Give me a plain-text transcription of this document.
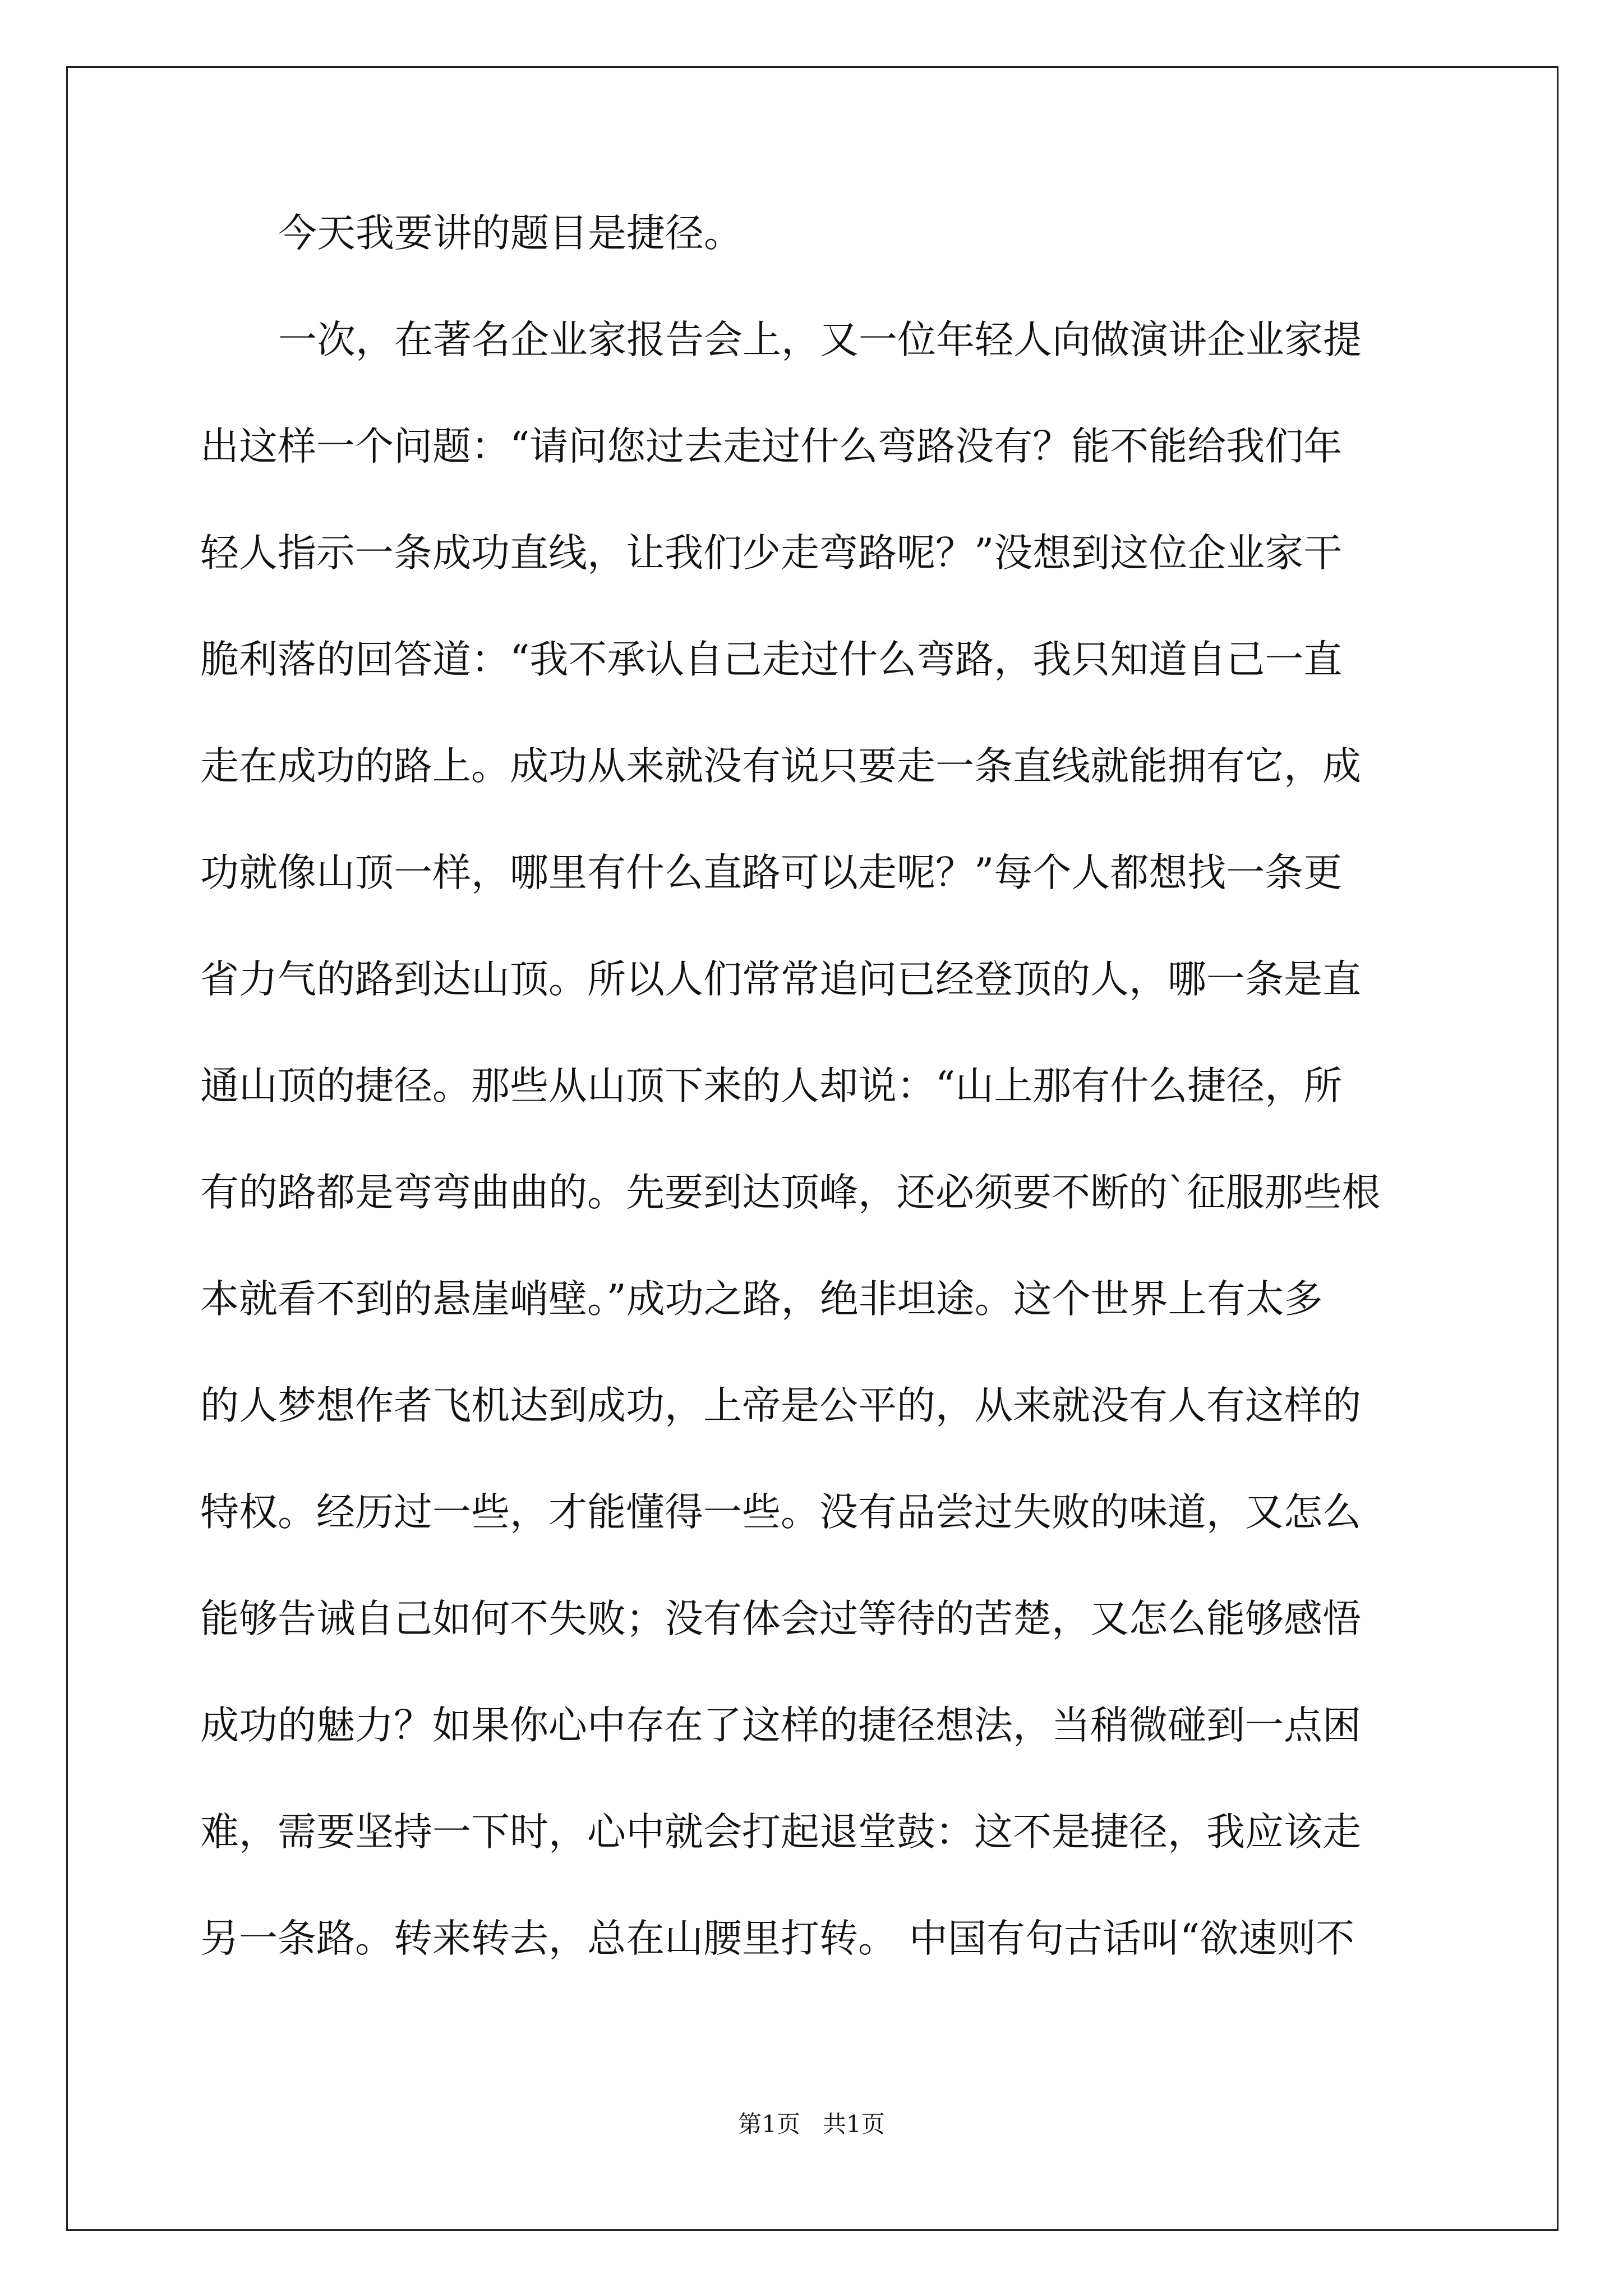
今天我要讲的题目是捷径。

一次，在著名企业家报告会上，又一位年轻人向做演讲企业家提

出这样一个问题：“请问您过去走过什么弯路没有？能不能给我们年

轻人指示一条成功直线，让我们少走弯路呢？”没想到这位企业家干

脆利落的回答道：“我不承认自己走过什么弯路，我只知道自己一直

走在成功的路上。成功从来就没有说只要走一条直线就能拥有它，成

功就像山顶一样，哪里有什么直路可以走呢？”每个人都想找一条更

省力气的路到达山顶。所以人们常常追问已经登顶的人，哪一条是直

通山顶的捷径。那些从山顶下来的人却说：“山上那有什么捷径，所

有的路都是弯弯曲曲的。先要到达顶峰，还必须要不断的`征服那些根

本就看不到的悬崖峭壁。”成功之路，绝非坦途。这个世界上有太多

的人梦想作者飞机达到成功，上帝是公平的，从来就没有人有这样的

特权。经历过一些，才能懂得一些。没有品尝过失败的味道，又怎么

能够告诫自己如何不失败；没有体会过等待的苦楚，又怎么能够感悟

成功的魅力？如果你心中存在了这样的捷径想法，当稍微碰到一点困

难，需要坚持一下时，心中就会打起退堂鼓：这不是捷径，我应该走

另一条路。转来转去，总在山腰里打转。 中国有句古话叫“欲速则不

第1页   共1页
